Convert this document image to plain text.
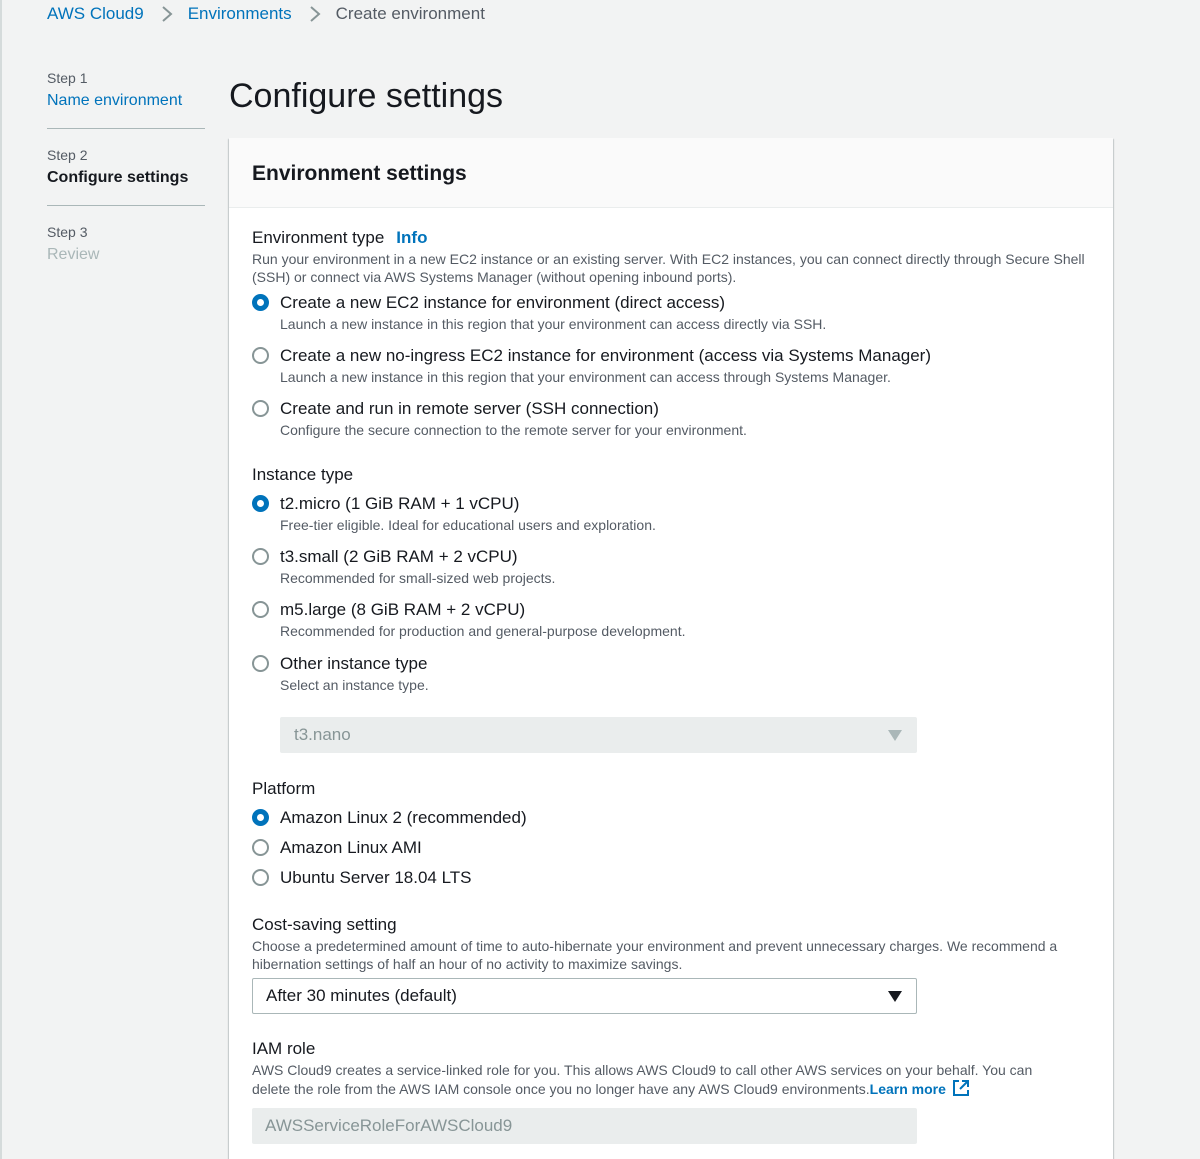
AWS Cloud9	Environments	Create environment
Step 1
Name environment
Step 2
Configure settings
Step 3
Review
Configure settings
Environment settings
Environment type Info
Run your environment in a new EC2 instance or an existing server. With EC2 instances, you can connect directly through Secure Shell (SSH) or connect via AWS Systems Manager (without opening inbound ports).
Create a new EC2 instance for environment (direct access)
Launch a new instance in this region that your environment can access directly via SSH.
Create a new no-ingress EC2 instance for environment (access via Systems Manager)
Launch a new instance in this region that your environment can access through Systems Manager.
Create and run in remote server (SSH connection)
Configure the secure connection to the remote server for your environment.
Instance type
t2.micro (1 GiB RAM + 1 vCPU)
Free-tier eligible. Ideal for educational users and exploration.
t3.small (2 GiB RAM + 2 vCPU)
Recommended for small-sized web projects.
m5.large (8 GiB RAM + 2 vCPU)
Recommended for production and general-purpose development.
Other instance type
Select an instance type.
t3.nano
Platform
Amazon Linux 2 (recommended)
Amazon Linux AMI
Ubuntu Server 18.04 LTS
Cost-saving setting
Choose a predetermined amount of time to auto-hibernate your environment and prevent unnecessary charges. We recommend a hibernation settings of half an hour of no activity to maximize savings.
After 30 minutes (default)
IAM role
AWS Cloud9 creates a service-linked role for you. This allows AWS Cloud9 to call other AWS services on your behalf. You can
delete the role from the AWS IAM console once you no longer have any AWS Cloud9 environments.Learn more
AWSServiceRoleForAWSCloud9
